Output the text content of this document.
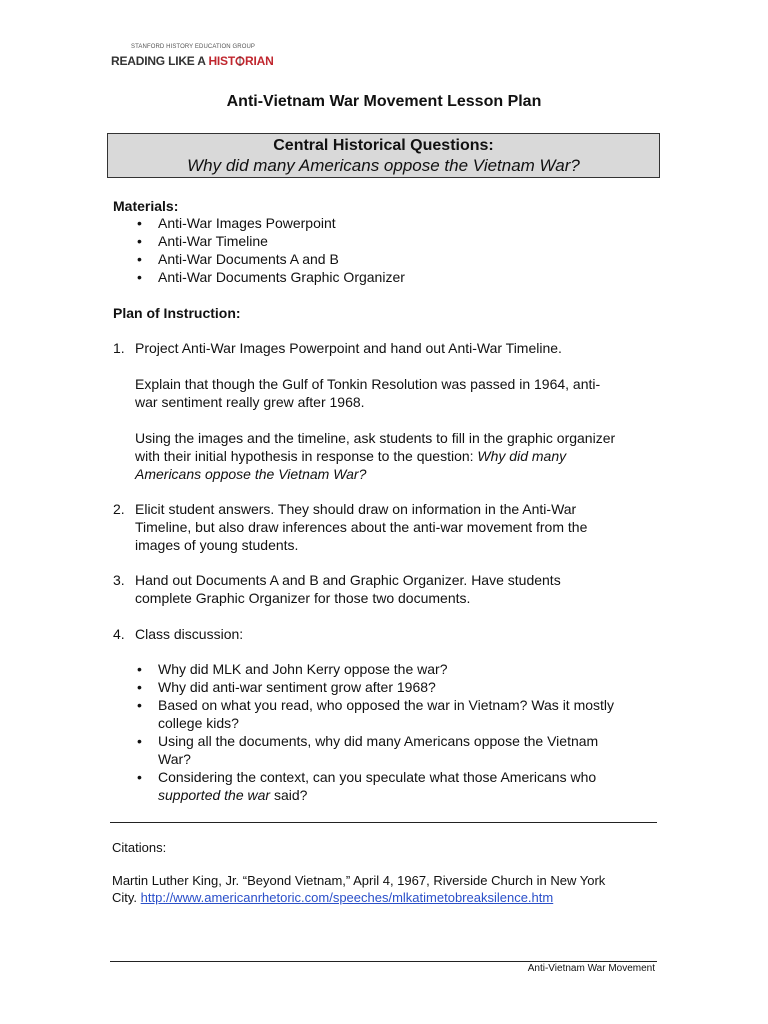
STANFORD HISTORY EDUCATION GROUP
READING LIKE A HIST RIAN
Anti-Vietnam War Movement Lesson Plan
Central Historical Questions:
Why did many Americans oppose the Vietnam War?
Materials:
• Anti-War Images Powerpoint
• Anti-War Timeline
• Anti-War Documents A and B
• Anti-War Documents Graphic Organizer
Plan of Instruction:
1. Project Anti-War Images Powerpoint and hand out Anti-War Timeline.
Explain that though the Gulf of Tonkin Resolution was passed in 1964, anti-
war sentiment really grew after 1968.
Using the images and the timeline, ask students to fill in the graphic organizer
with their initial hypothesis in response to the question: Why did many
Americans oppose the Vietnam War?
2. Elicit student answers. They should draw on information in the Anti-War
Timeline, but also draw inferences about the anti-war movement from the
images of young students.
3. Hand out Documents A and B and Graphic Organizer. Have students
complete Graphic Organizer for those two documents.
4. Class discussion:
• Why did MLK and John Kerry oppose the war?
• Why did anti-war sentiment grow after 1968?
• Based on what you read, who opposed the war in Vietnam? Was it mostly
college kids?
• Using all the documents, why did many Americans oppose the Vietnam
War?
• Considering the context, can you speculate what those Americans who
supported the war said?
Citations:
Martin Luther King, Jr. “Beyond Vietnam,” April 4, 1967, Riverside Church in New York
City. http://www.americanrhetoric.com/speeches/mlkatimetobreaksilence.htm
Anti-Vietnam War Movement
